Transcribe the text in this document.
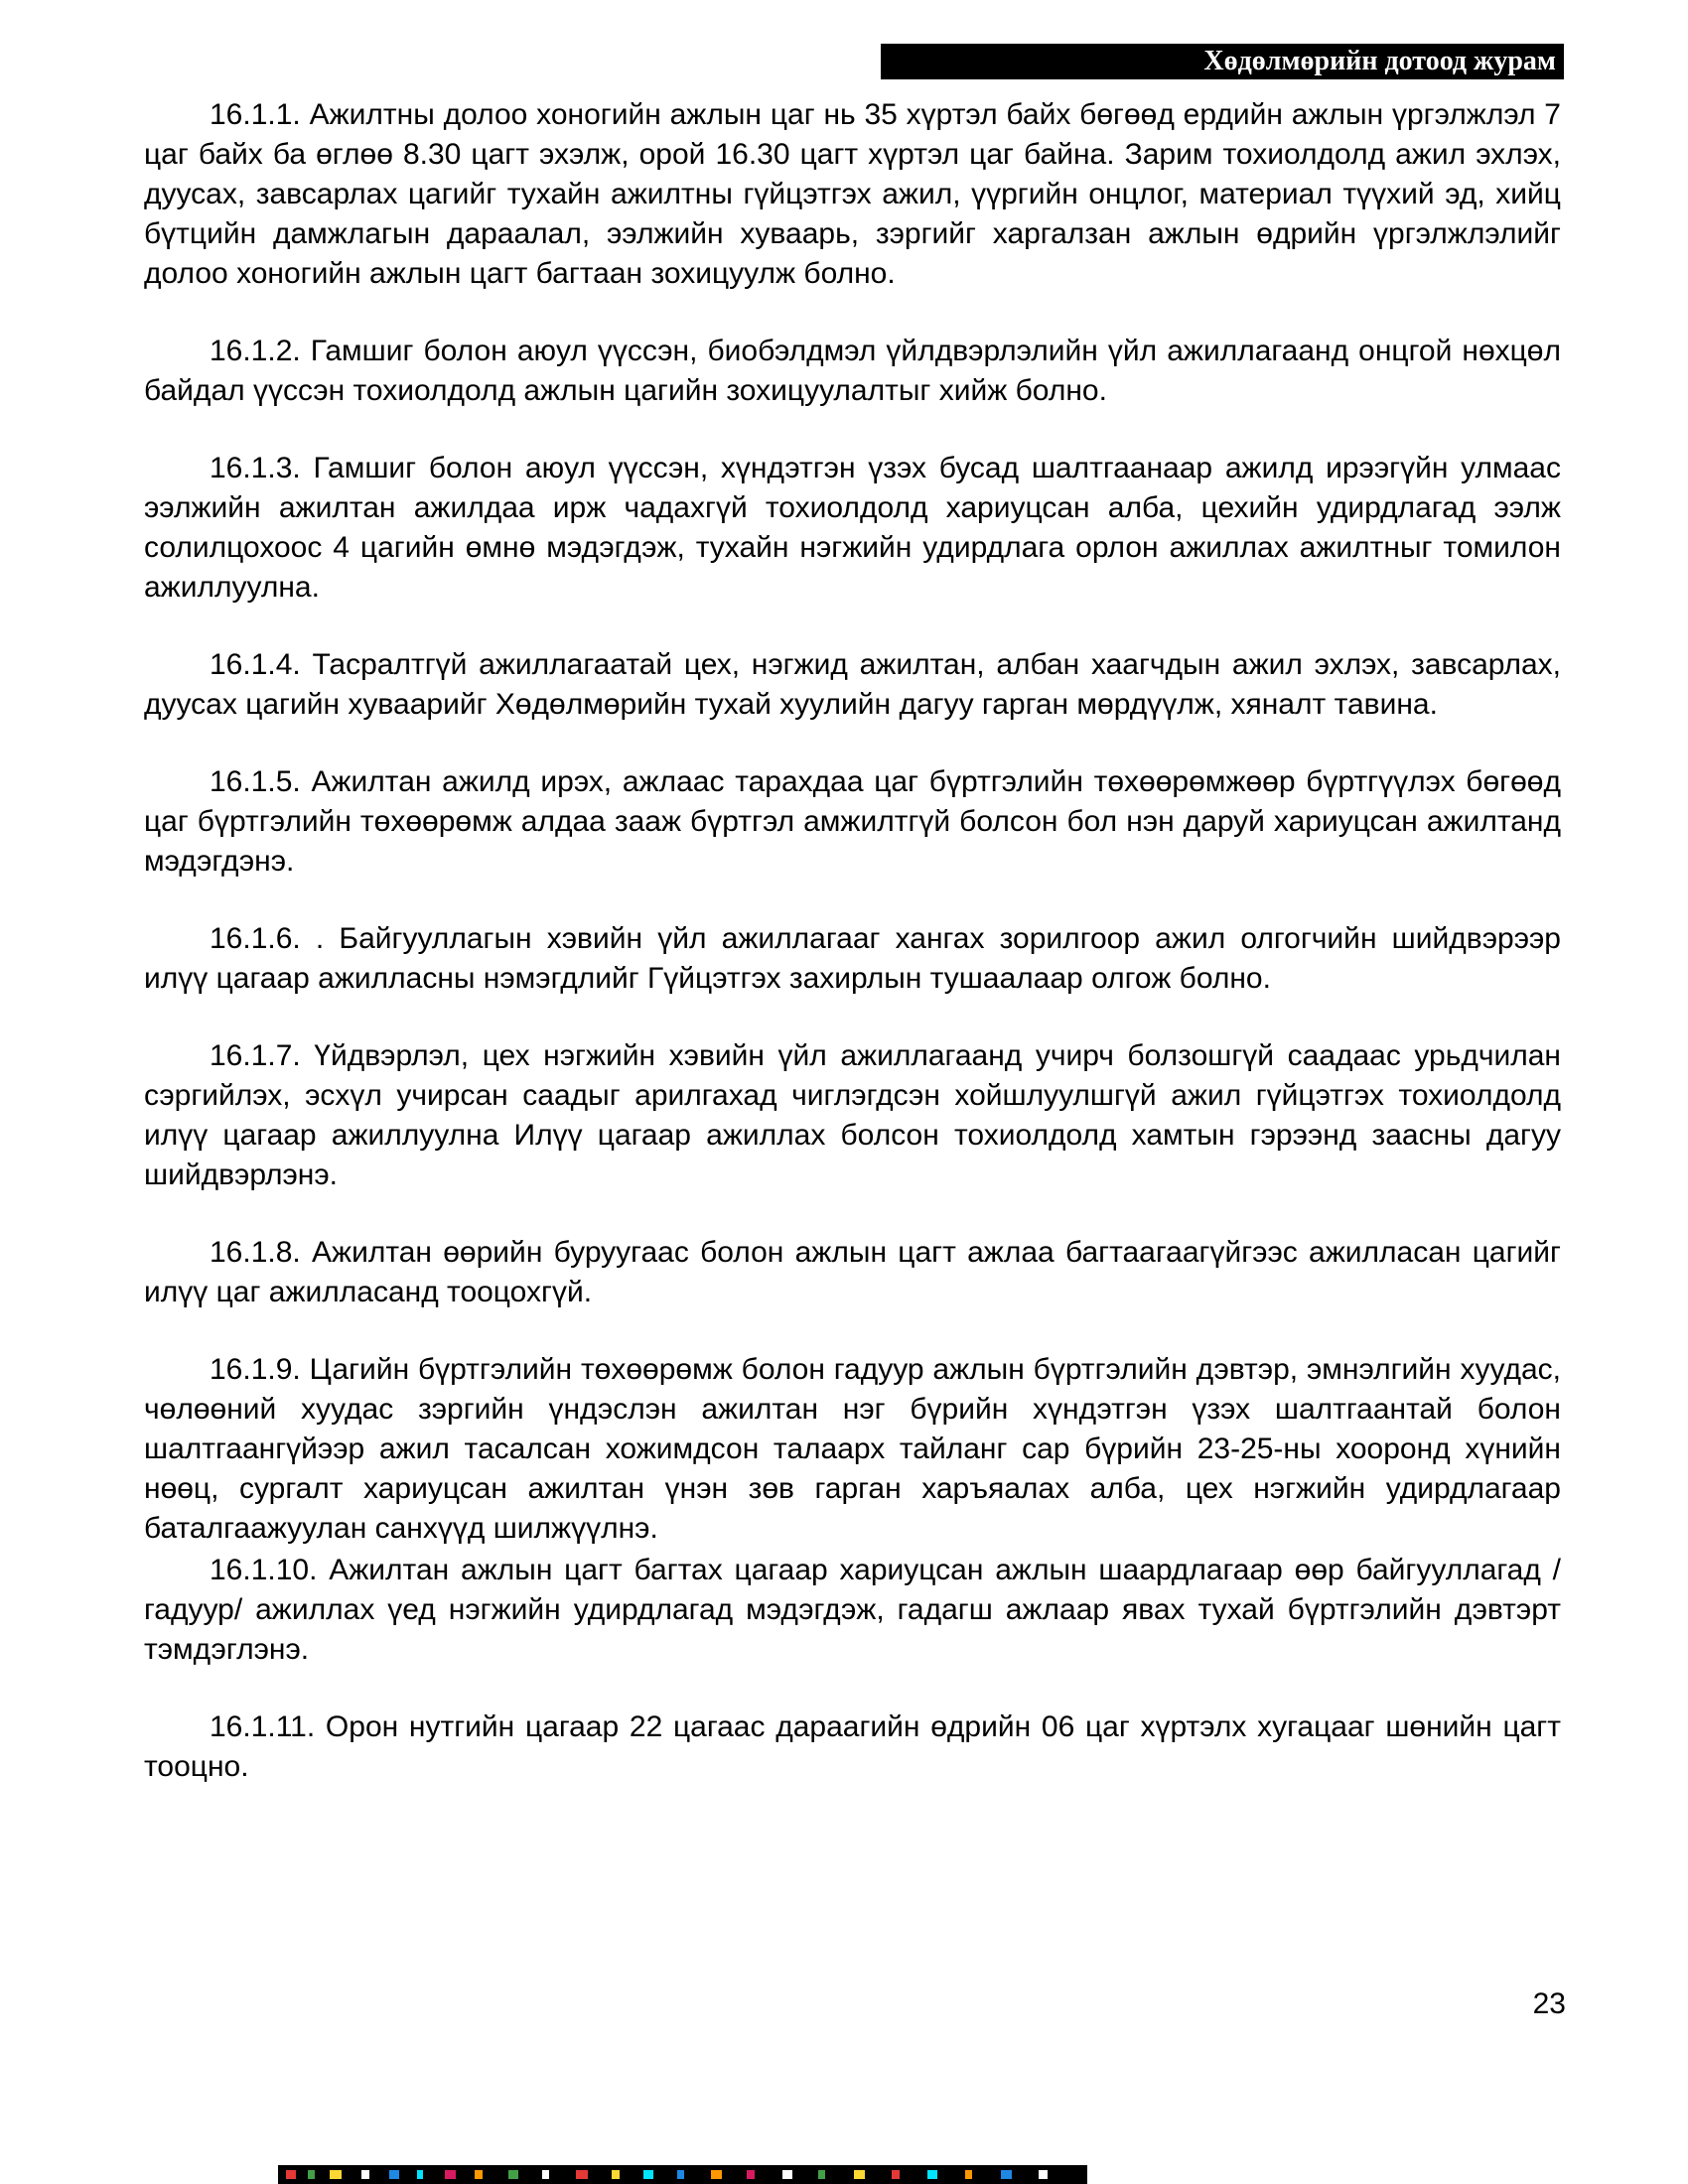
Хөдөлмөрийн дотоод журам

16.1.1. Ажилтны долоо хоногийн ажлын цаг нь 35 хүртэл байх бөгөөд ердийн ажлын үргэлжлэл 7 цаг байх ба өглөө 8.30 цагт эхэлж, орой 16.30 цагт хүртэл цаг байна. Зарим тохиолдолд ажил эхлэх, дуусах, завсарлах цагийг тухайн ажилтны гүйцэтгэх ажил, үүргийн онцлог, материал түүхий эд, хийц бүтцийн дамжлагын дараалал, ээлжийн хуваарь, зэргийг харгалзан ажлын өдрийн үргэлжлэлийг долоо хоногийн ажлын цагт багтаан зохицуулж болно.

16.1.2. Гамшиг болон аюул үүссэн, биобэлдмэл үйлдвэрлэлийн үйл ажиллагаанд онцгой нөхцөл байдал үүссэн тохиолдолд ажлын цагийн зохицуулалтыг хийж болно.

16.1.3. Гамшиг болон аюул үүссэн, хүндэтгэн үзэх бусад шалтгаанаар ажилд ирээгүйн улмаас ээлжийн ажилтан ажилдаа ирж чадахгүй тохиолдолд хариуцсан алба, цехийн удирдлагад ээлж солилцохоос 4 цагийн өмнө мэдэгдэж, тухайн нэгжийн удирдлага орлон ажиллах ажилтныг томилон ажиллуулна.

16.1.4. Тасралтгүй ажиллагаатай цех, нэгжид ажилтан, албан хаагчдын ажил эхлэх, завсарлах, дуусах цагийн хуваарийг Хөдөлмөрийн тухай хуулийн дагуу гарган мөрдүүлж, хяналт тавина.

16.1.5. Ажилтан ажилд ирэх, ажлаас тарахдаа цаг бүртгэлийн төхөөрөмжөөр бүртгүүлэх бөгөөд цаг бүртгэлийн төхөөрөмж алдаа зааж бүртгэл амжилтгүй болсон бол нэн даруй хариуцсан ажилтанд мэдэгдэнэ.

16.1.6. . Байгууллагын хэвийн үйл ажиллагааг хангах зорилгоор ажил олгогчийн шийдвэрээр илүү цагаар ажилласны нэмэгдлийг Гүйцэтгэх захирлын тушаалаар олгож болно.

16.1.7. Үйдвэрлэл, цех нэгжийн хэвийн үйл ажиллагаанд учирч болзошгүй саадаас урьдчилан сэргийлэх, эсхүл учирсан саадыг арилгахад чиглэгдсэн хойшлуулшгүй ажил гүйцэтгэх тохиолдолд илүү цагаар ажиллуулна Илүү цагаар ажиллах болсон тохиолдолд хамтын гэрээнд заасны дагуу шийдвэрлэнэ.

16.1.8. Ажилтан өөрийн буруугаас болон ажлын цагт ажлаа багтаагаагүйгээс ажилласан цагийг илүү цаг ажилласанд тооцохгүй.

16.1.9. Цагийн бүртгэлийн төхөөрөмж болон гадуур ажлын бүртгэлийн дэвтэр, эмнэлгийн хуудас, чөлөөний хуудас зэргийн үндэслэн ажилтан нэг бүрийн хүндэтгэн үзэх шалтгаантай болон шалтгаангүйээр ажил тасалсан хожимдсон талаарх тайланг сар бүрийн 23-25-ны хооронд хүнийн нөөц, сургалт хариуцсан ажилтан үнэн зөв гарган харъяалах алба, цех нэгжийн удирдлагаар баталгаажуулан санхүүд шилжүүлнэ.

16.1.10. Ажилтан ажлын цагт багтах цагаар хариуцсан ажлын шаардлагаар өөр байгууллагад /гадуур/ ажиллах үед нэгжийн удирдлагад мэдэгдэж, гадагш ажлаар явах тухай бүртгэлийн дэвтэрт тэмдэглэнэ.

16.1.11. Орон нутгийн цагаар 22 цагаас дараагийн өдрийн 06 цаг хүртэлх хугацааг шөнийн цагт тооцно.

23
